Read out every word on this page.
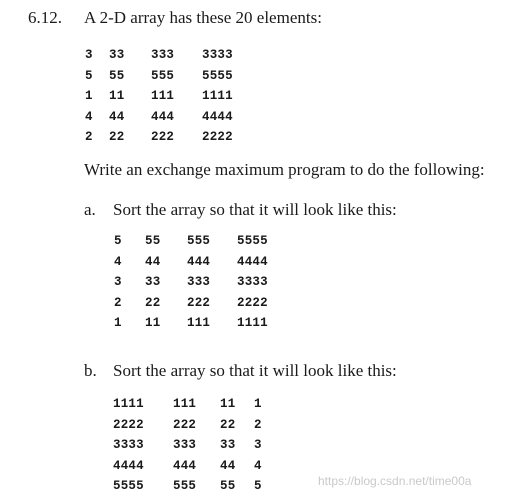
6.12. A 2-D array has these 20 elements:
3 33 333 3333
5 55 555 5555
1 11 111 1111
4 44 444 4444
2 22 222 2222
Write an exchange maximum program to do the following:
a. Sort the array so that it will look like this:
5 55 555 5555
4 44 444 4444
3 33 333 3333
2 22 222 2222
1 11 111 1111
b. Sort the array so that it will look like this:
1111 111 11 1
2222 222 22 2
3333 333 33 3
4444 444 44 4
5555 555 55 5	https://blog.csdn.net/time00a
